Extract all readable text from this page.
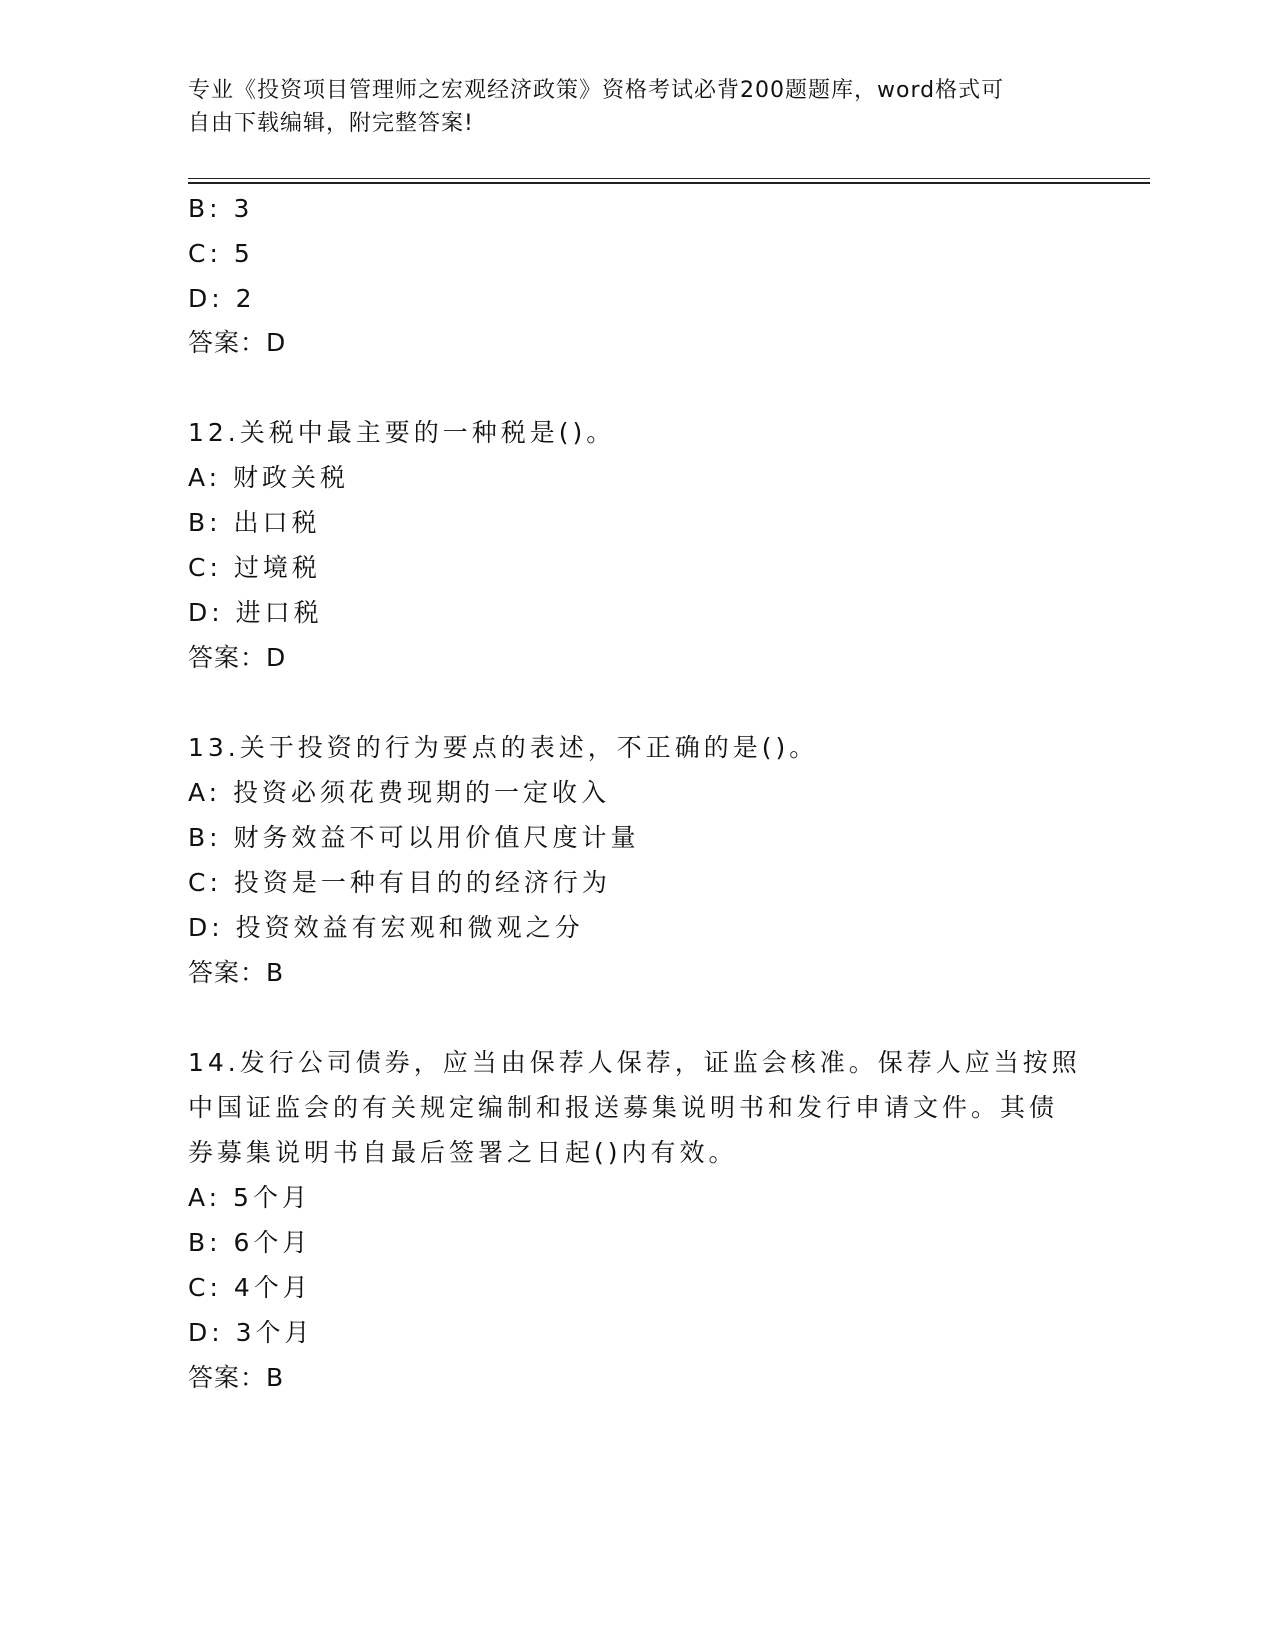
专业《投资项目管理师之宏观经济政策》资格考试必背200题题库，word格式可
自由下载编辑，附完整答案!
B: 3
C: 5
D: 2
答案：D
12.关税中最主要的一种税是()。
A: 财政关税
B: 出口税
C: 过境税
D: 进口税
答案：D
13.关于投资的行为要点的表述，不正确的是()。
A: 投资必须花费现期的一定收入
B: 财务效益不可以用价值尺度计量
C: 投资是一种有目的的经济行为
D: 投资效益有宏观和微观之分
答案：B
14.发行公司债券，应当由保荐人保荐，证监会核准。保荐人应当按照
中国证监会的有关规定编制和报送募集说明书和发行申请文件。其债
券募集说明书自最后签署之日起()内有效。
A: 5个月
B: 6个月
C: 4个月
D: 3个月
答案：B
